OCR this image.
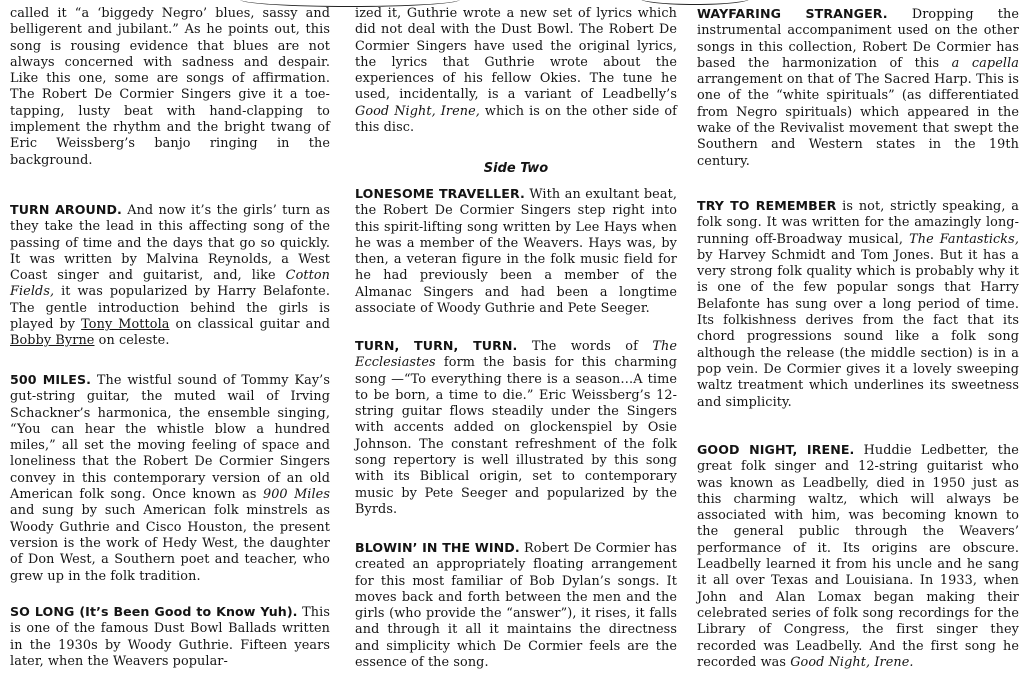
called it “a ‘biggedy Negro’ blues, sassy and belligerent and jubilant.” As he points out, this song is rousing evidence that blues are not always concerned with sadness and despair. Like this one, some are songs of affirmation. The Robert De Cormier Singers give it a toe-tapping, lusty beat with hand-clapping to implement the rhythm and the bright twang of Eric Weissberg’s banjo ringing in the background.

TURN AROUND. And now it’s the girls’ turn as they take the lead in this affecting song of the passing of time and the days that go so quickly. It was written by Malvina Reynolds, a West Coast singer and guitarist, and, like Cotton Fields, it was popularized by Harry Belafonte. The gentle introduction behind the girls is played by Tony Mottola on classical guitar and Bobby Byrne on celeste.

500 MILES. The wistful sound of Tommy Kay’s gut-string guitar, the muted wail of Irving Schackner’s harmonica, the ensemble singing, “You can hear the whistle blow a hundred miles,” all set the moving feeling of space and loneliness that the Robert De Cormier Singers convey in this contemporary version of an old American folk song. Once known as 900 Miles and sung by such American folk minstrels as Woody Guthrie and Cisco Houston, the present version is the work of Hedy West, the daughter of Don West, a Southern poet and teacher, who grew up in the folk tradition.

SO LONG (It’s Been Good to Know Yuh). This is one of the famous Dust Bowl Ballads written in the 1930s by Woody Guthrie. Fifteen years later, when the Weavers popular-

ized it, Guthrie wrote a new set of lyrics which did not deal with the Dust Bowl. The Robert De Cormier Singers have used the original lyrics, the lyrics that Guthrie wrote about the experiences of his fellow Okies. The tune he used, incidentally, is a variant of Leadbelly’s Good Night, Irene, which is on the other side of this disc.

Side Two

LONESOME TRAVELLER. With an exultant beat, the Robert De Cormier Singers step right into this spirit-lifting song written by Lee Hays when he was a member of the Weavers. Hays was, by then, a veteran figure in the folk music field for he had previously been a member of the Almanac Singers and had been a longtime associate of Woody Guthrie and Pete Seeger.

TURN, TURN, TURN. The words of The Ecclesiastes form the basis for this charming song —“To everything there is a season…A time to be born, a time to die.” Eric Weissberg’s 12-string guitar flows steadily under the Singers with accents added on glockenspiel by Osie Johnson. The constant refreshment of the folk song repertory is well illustrated by this song with its Biblical origin, set to contemporary music by Pete Seeger and popularized by the Byrds.

BLOWIN’ IN THE WIND. Robert De Cormier has created an appropriately floating arrangement for this most familiar of Bob Dylan’s songs. It moves back and forth between the men and the girls (who provide the “answer”), it rises, it falls and through it all it maintains the directness and simplicity which De Cormier feels are the essence of the song.

WAYFARING STRANGER. Dropping the instrumental accompaniment used on the other songs in this collection, Robert De Cormier has based the harmonization of this a capella arrangement on that of The Sacred Harp. This is one of the “white spirituals” (as differentiated from Negro spirituals) which appeared in the wake of the Revivalist movement that swept the Southern and Western states in the 19th century.

TRY TO REMEMBER is not, strictly speaking, a folk song. It was written for the amazingly long-running off-Broadway musical, The Fantasticks, by Harvey Schmidt and Tom Jones. But it has a very strong folk quality which is probably why it is one of the few popular songs that Harry Belafonte has sung over a long period of time. Its folkishness derives from the fact that its chord progressions sound like a folk song although the release (the middle section) is in a pop vein. De Cormier gives it a lovely sweeping waltz treatment which underlines its sweetness and simplicity.

GOOD NIGHT, IRENE. Huddie Ledbetter, the great folk singer and 12-string guitarist who was known as Leadbelly, died in 1950 just as this charming waltz, which will always be associated with him, was becoming known to the general public through the Weavers’ performance of it. Its origins are obscure. Leadbelly learned it from his uncle and he sang it all over Texas and Louisiana. In 1933, when John and Alan Lomax began making their celebrated series of folk song recordings for the Library of Congress, the first singer they recorded was Leadbelly. And the first song he recorded was Good Night, Irene.
